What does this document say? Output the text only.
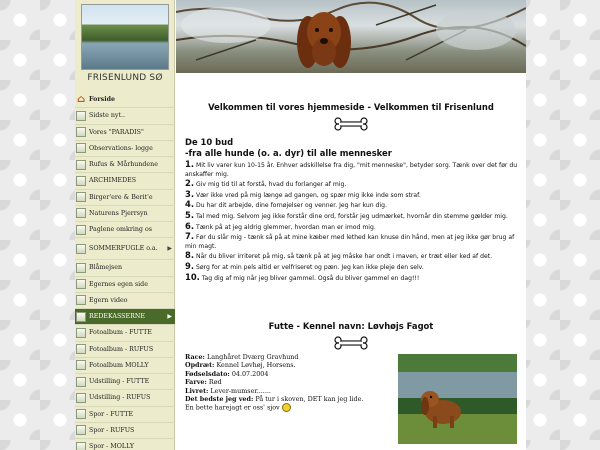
FRISENLUND SØ
⌂ Forside
Sidste nyt..
Vores "PARADIS"
Observations- logge
Rufus & Mårhundene
ARCHIMEDES
Birger'ere & Berit'e
Naturens Pjerrsyn
Paglene omkring os
SOMMERFUGLE o.a. ▶
Blåmejsen
Egernes egen side
Egern video
REDEKASSERNE	▶
Fotoalbum - FUTTE
Fotoalbum - RUFUS
Fotoalbum MOLLY
Udstilling - FUTTE
Udstilling - RUFUS
Spor - FUTTE
Spor - RUFUS
Spor - MOLLY
Velkommen til vores hjemmeside - Velkommen til Frisenlund
De 10 bud
-fra alle hunde (o. a. dyr) til alle mennesker
1. Mit liv varer kun 10-15 år. Enhver adskillelse fra dig, "mit menneske", betyder sorg. Tænk over det før du anskaffer mig.
2. Giv mig tid til at forstå, hvad du forlanger af mig.
3. Vær ikke vred på mig længe ad gangen, og spær mig ikke inde som straf.
4. Du har dit arbejde, dine fornøjelser og venner. Jeg har kun dig.
5. Tal med mig. Selvom jeg ikke forstår dine ord, forstår jeg udmærket, hvornår din stemme gælder mig.
6. Tænk på at jeg aldrig glemmer, hvordan man er imod mig.
7. Før du slår mig - tænk så på at mine kæber med lethed kan knuse din hånd, men at jeg ikke gør brug af min magt.
8. Når du bliver irriteret på mig, så tænk på at jeg måske har ondt i maven, er træt eller ked af det.
9. Sørg for at min pels altid er velfriseret og pæn. Jeg kan ikke pleje den selv.
10. Tag dig af mig når jeg bliver gammel. Også du bliver gammel en dag!!!
Futte - Kennel navn: Løvhøjs Fagot
Race: Langhåret Dværg Gravhund
Opdræt: Kennel Løvhøj, Horsens.
Fødselsdato: 04.07.2004
Farve: Rød
Livret: Lever-mumser.......
Det bedste jeg ved: På tur i skoven, DET kan jeg lide.
En bette harejagt er oss' sjov
